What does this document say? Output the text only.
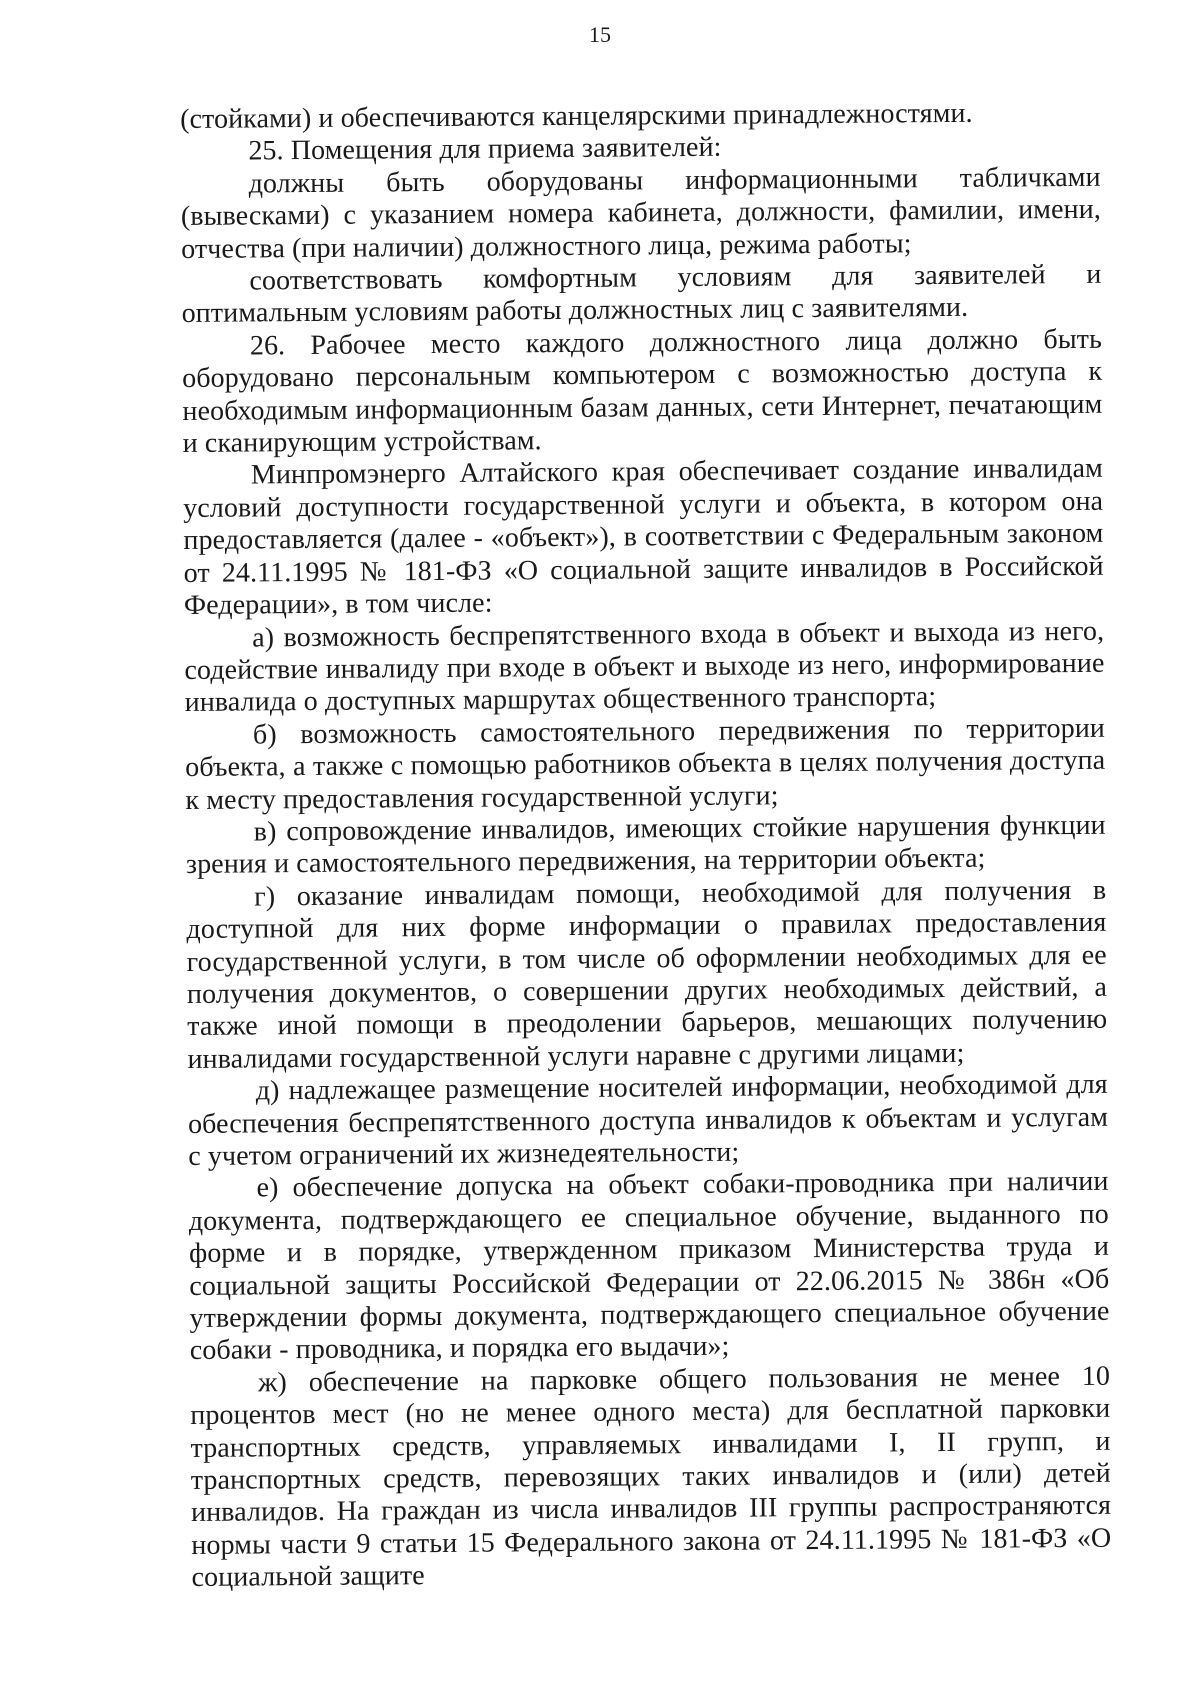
15

(стойками) и обеспечиваются канцелярскими принадлежностями.

25. Помещения для приема заявителей:

должны быть оборудованы информационными табличками (вывесками) с указанием номера кабинета, должности, фамилии, имени, отчества (при наличии) должностного лица, режима работы;

соответствовать комфортным условиям для заявителей и оптимальным условиям работы должностных лиц с заявителями.

26. Рабочее место каждого должностного лица должно быть оборудовано персональным компьютером с возможностью доступа к необходимым информационным базам данных, сети Интернет, печатающим и сканирующим устройствам.

Минпромэнерго Алтайского края обеспечивает создание инвалидам условий доступности государственной услуги и объекта, в котором она предоставляется (далее - «объект»), в соответствии с Федеральным законом от 24.11.1995 № 181-ФЗ «О социальной защите инвалидов в Российской Федерации», в том числе:

а) возможность беспрепятственного входа в объект и выхода из него, содействие инвалиду при входе в объект и выходе из него, информирование инвалида о доступных маршрутах общественного транспорта;

б) возможность самостоятельного передвижения по территории объекта, а также с помощью работников объекта в целях получения доступа к месту предоставления государственной услуги;

в) сопровождение инвалидов, имеющих стойкие нарушения функции зрения и самостоятельного передвижения, на территории объекта;

г) оказание инвалидам помощи, необходимой для получения в доступной для них форме информации о правилах предоставления государственной услуги, в том числе об оформлении необходимых для ее получения документов, о совершении других необходимых действий, а также иной помощи в преодолении барьеров, мешающих получению инвалидами государственной услуги наравне с другими лицами;

д) надлежащее размещение носителей информации, необходимой для обеспечения беспрепятственного доступа инвалидов к объектам и услугам с учетом ограничений их жизнедеятельности;

е) обеспечение допуска на объект собаки-проводника при наличии документа, подтверждающего ее специальное обучение, выданного по форме и в порядке, утвержденном приказом Министерства труда и социальной защиты Российской Федерации от 22.06.2015 № 386н «Об утверждении формы документа, подтверждающего специальное обучение собаки - проводника, и порядка его выдачи»;

ж) обеспечение на парковке общего пользования не менее 10 процентов мест (но не менее одного места) для бесплатной парковки транспортных средств, управляемых инвалидами I, II групп, и транспортных средств, перевозящих таких инвалидов и (или) детей инвалидов. На граждан из числа инвалидов III группы распространяются нормы части 9 статьи 15 Федерального закона от 24.11.1995 № 181-ФЗ «О социальной защите
